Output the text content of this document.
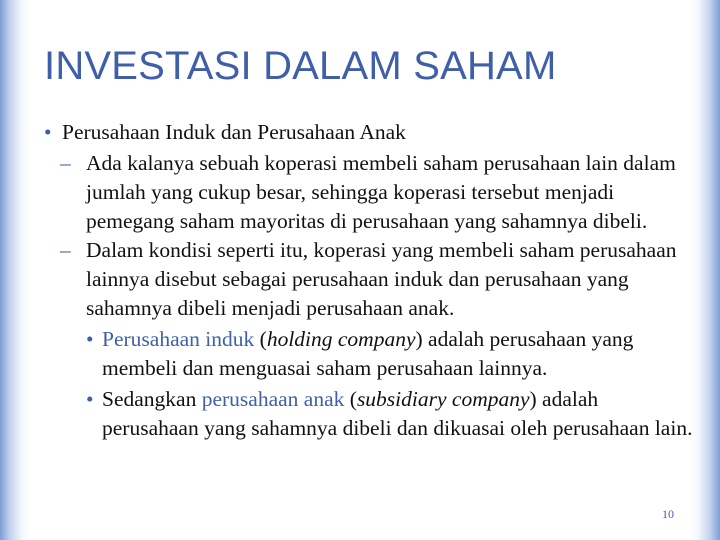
INVESTASI DALAM SAHAM
• Perusahaan Induk dan Perusahaan Anak
– Ada kalanya sebuah koperasi membeli saham perusahaan lain dalam jumlah yang cukup besar, sehingga koperasi tersebut menjadi pemegang saham mayoritas di perusahaan yang sahamnya dibeli.
– Dalam kondisi seperti itu, koperasi yang membeli saham perusahaan lainnya disebut sebagai perusahaan induk dan perusahaan yang sahamnya dibeli menjadi perusahaan anak.
• Perusahaan induk (holding company) adalah perusahaan yang membeli dan menguasai saham perusahaan lainnya.
• Sedangkan perusahaan anak (subsidiary company) adalah perusahaan yang sahamnya dibeli dan dikuasai oleh perusahaan lain.
10
